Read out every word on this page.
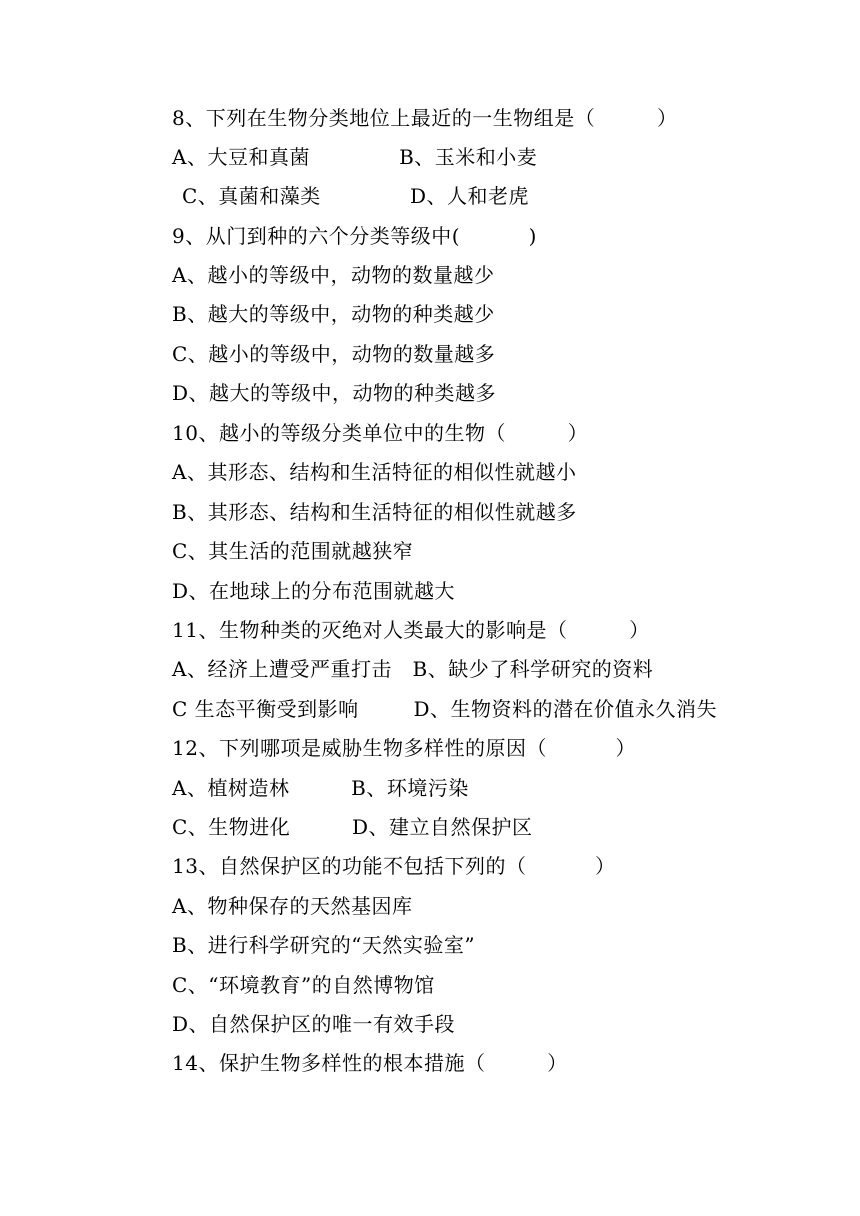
8、下列在生物分类地位上最近的一生物组是（         ）
A、大豆和真菌             B、玉米和小麦
C、真菌和藻类             D、人和老虎
9、从门到种的六个分类等级中(          )
A、越小的等级中，动物的数量越少
B、越大的等级中，动物的种类越少
C、越小的等级中，动物的数量越多
D、越大的等级中，动物的种类越多
10、越小的等级分类单位中的生物（         ）
A、其形态、结构和生活特征的相似性就越小
B、其形态、结构和生活特征的相似性就越多
C、其生活的范围就越狭窄
D、在地球上的分布范围就越大
11、生物种类的灭绝对人类最大的影响是（         ）
A、经济上遭受严重打击   B、缺少了科学研究的资料
C 生态平衡受到影响        D、生物资料的潜在价值永久消失
12、下列哪项是威胁生物多样性的原因（          ）
A、植树造林         B、环境污染
C、生物进化         D、建立自然保护区
13、自然保护区的功能不包括下列的（          ）
A、物种保存的天然基因库
B、进行科学研究的“天然实验室”
C、“环境教育”的自然博物馆
D、自然保护区的唯一有效手段
14、保护生物多样性的根本措施（         ）
